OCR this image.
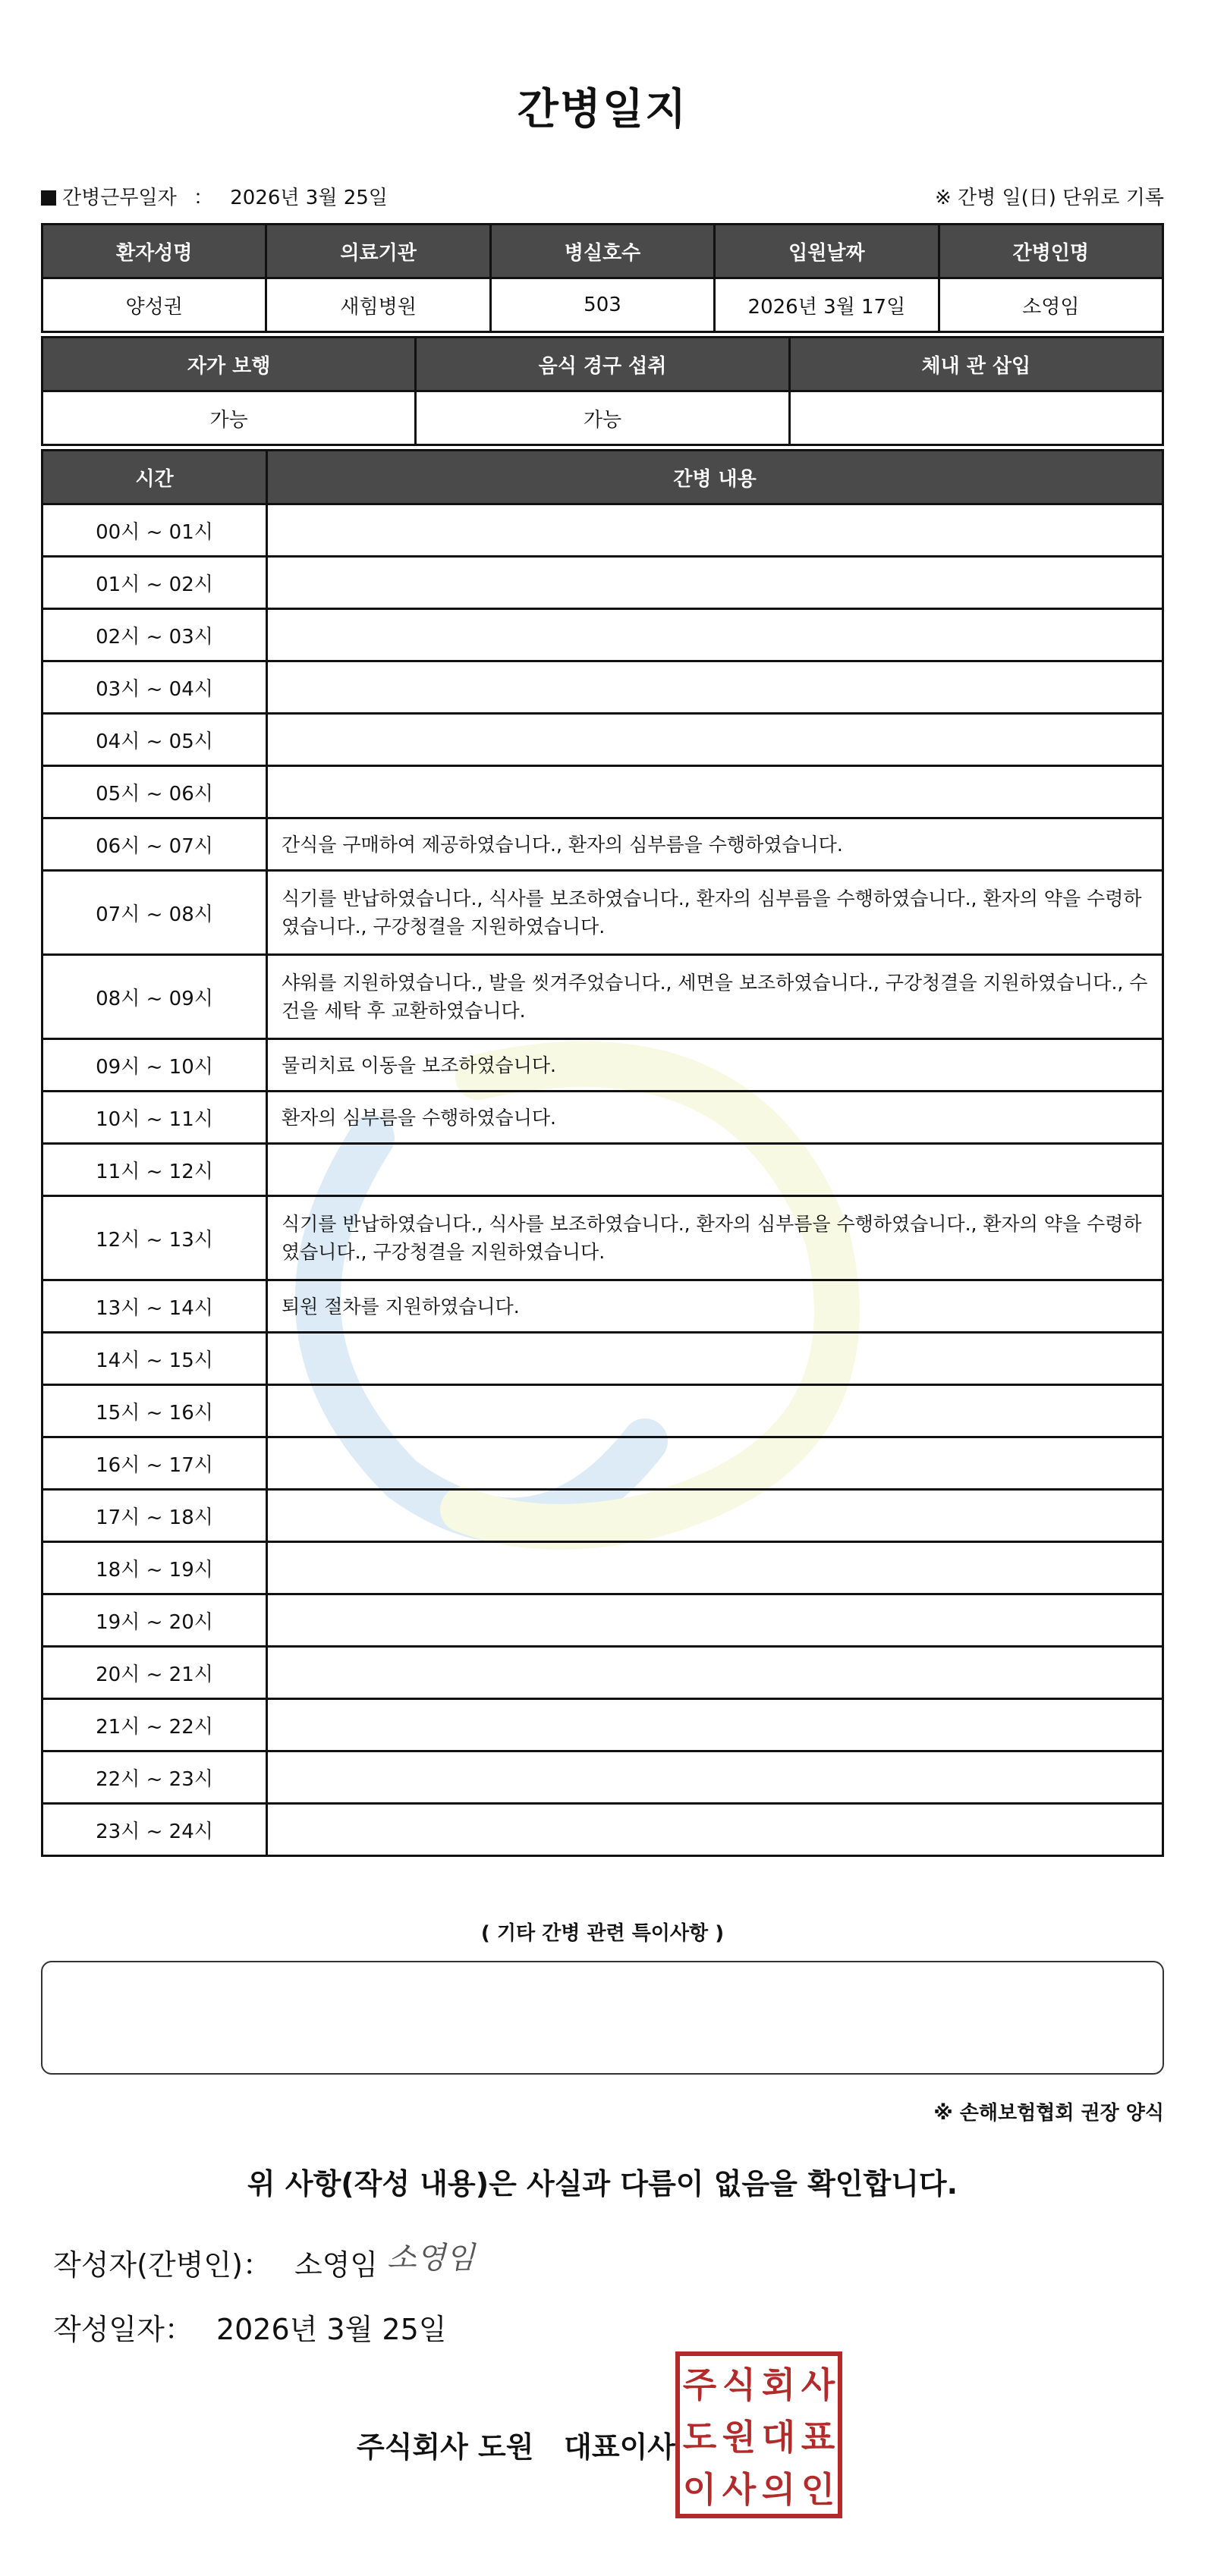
간병일지
간병근무일자 ： 2026년 3월 25일	※ 간병 일(日) 단위로 기록
환자성명	의료기관	병실호수	입원날짜	간병인명
양성권	새힘병원	503	2026년 3월 17일	소영임
자가 보행	음식 경구 섭취	체내 관 삽입
가능	가능	
시간	간병 내용
00시 ~ 01시	
01시 ~ 02시	
02시 ~ 03시	
03시 ~ 04시	
04시 ~ 05시	
05시 ~ 06시	
06시 ~ 07시	간식을 구매하여 제공하였습니다., 환자의 심부름을 수행하였습니다.
07시 ~ 08시	식기를 반납하였습니다., 식사를 보조하였습니다., 환자의 심부름을 수행하였습니다., 환자의 약을 수령하였습니다., 구강청결을 지원하였습니다.
08시 ~ 09시	샤워를 지원하였습니다., 발을 씻겨주었습니다., 세면을 보조하였습니다., 구강청결을 지원하였습니다., 수건을 세탁 후 교환하였습니다.
09시 ~ 10시	물리치료 이동을 보조하였습니다.
10시 ~ 11시	환자의 심부름을 수행하였습니다.
11시 ~ 12시	
12시 ~ 13시	식기를 반납하였습니다., 식사를 보조하였습니다., 환자의 심부름을 수행하였습니다., 환자의 약을 수령하였습니다., 구강청결을 지원하였습니다.
13시 ~ 14시	퇴원 절차를 지원하였습니다.
14시 ~ 15시	
15시 ~ 16시	
16시 ~ 17시	
17시 ~ 18시	
18시 ~ 19시	
19시 ~ 20시	
20시 ~ 21시	
21시 ~ 22시	
22시 ~ 23시	
23시 ~ 24시	
( 기타 간병 관련 특이사항 )
※ 손해보험협회 권장 양식
위 사항(작성 내용)은 사실과 다름이 없음을 확인합니다.
작성자(간병인)： 소영임 소영임
작성일자： 2026년 3월 25일
주식회사 도원   대표이사
주 식 회 사
도 원 대 표
이 사 의 인
